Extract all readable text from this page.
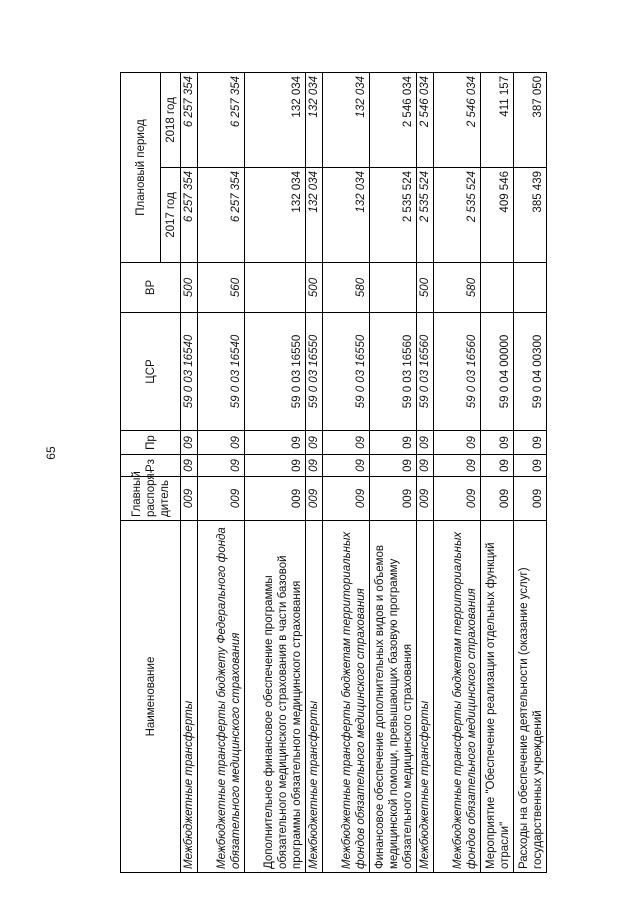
65
Наименование	Главный распоря- дитель	Рз	Пр	ЦСР	ВР	Плановый период	
						2017 год	2018 год
Межбюджетные трансферты	009	09	09	59 0 03 16540	500	6 257 354	6 257 354
Межбюджетные трансферты бюджету Федерального фонда обязательного медицинского страхования	009	09	09	59 0 03 16540	560	6 257 354	6 257 354
Дополнительное финансовое обеспечение программы обязательного медицинского страхования в части базовой программы обязательного медицинского страхования	009	09	09	59 0 03 16550		132 034	132 034
Межбюджетные трансферты	009	09	09	59 0 03 16550	500	132 034	132 034
Межбюджетные трансферты бюджетам территориальных фондов обязательного медицинского страхования	009	09	09	59 0 03 16550	580	132 034	132 034
Финансовое обеспечение дополнительных видов и объемов медицинской помощи, превышающих базовую программу обязательного медицинского страхования	009	09	09	59 0 03 16560		2 535 524	2 546 034
Межбюджетные трансферты	009	09	09	59 0 03 16560	500	2 535 524	2 546 034
Межбюджетные трансферты бюджетам территориальных фондов обязательного медицинского страхования	009	09	09	59 0 03 16560	580	2 535 524	2 546 034
Мероприятие "Обеспечение реализации отдельных функций отрасли"	009	09	09	59 0 04 00000		409 546	411 157
Расходы на обеспечение деятельности (оказание услуг) государственных учреждений	009	09	09	59 0 04 00300		385 439	387 050
